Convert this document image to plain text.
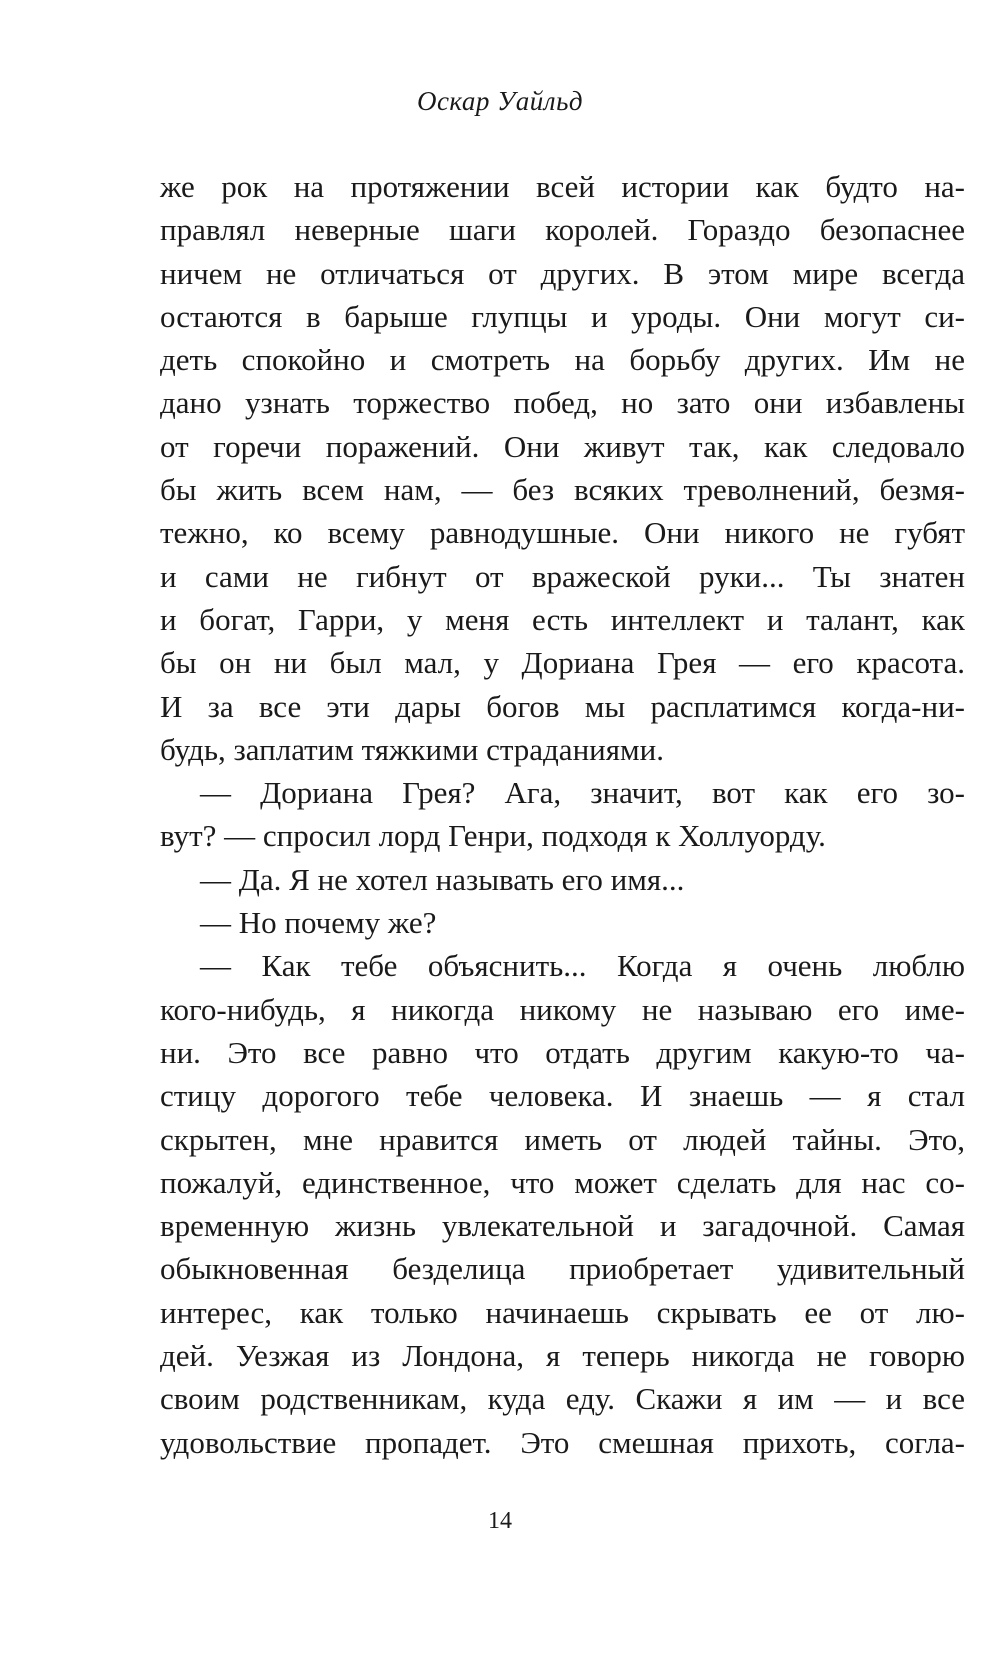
Оскар Уайльд
же рок на протяжении всей истории как будто на-
правлял неверные шаги королей. Гораздо безопаснее
ничем не отличаться от других. В этом мире всегда
остаются в барыше глупцы и уроды. Они могут си-
деть спокойно и смотреть на борьбу других. Им не
дано узнать торжество побед, но зато они избавлены
от горечи поражений. Они живут так, как следовало
бы жить всем нам, — без всяких треволнений, безмя-
тежно, ко всему равнодушные. Они никого не губят
и сами не гибнут от вражеской руки... Ты знатен
и богат, Гарри, у меня есть интеллект и талант, как
бы он ни был мал, у Дориана Грея — его красота.
И за все эти дары богов мы расплатимся когда-ни-
будь, заплатим тяжкими страданиями.
— Дориана Грея? Ага, значит, вот как его зо-
вут? — спросил лорд Генри, подходя к Холлуорду.
— Да. Я не хотел называть его имя...
— Но почему же?
— Как тебе объяснить... Когда я очень люблю
кого-нибудь, я никогда никому не называю его име-
ни. Это все равно что отдать другим какую-то ча-
стицу дорогого тебе человека. И знаешь — я стал
скрытен, мне нравится иметь от людей тайны. Это,
пожалуй, единственное, что может сделать для нас со-
временную жизнь увлекательной и загадочной. Самая
обыкновенная безделица приобретает удивительный
интерес, как только начинаешь скрывать ее от лю-
дей. Уезжая из Лондона, я теперь никогда не говорю
своим родственникам, куда еду. Скажи я им — и все
удовольствие пропадет. Это смешная прихоть, согла-
14
